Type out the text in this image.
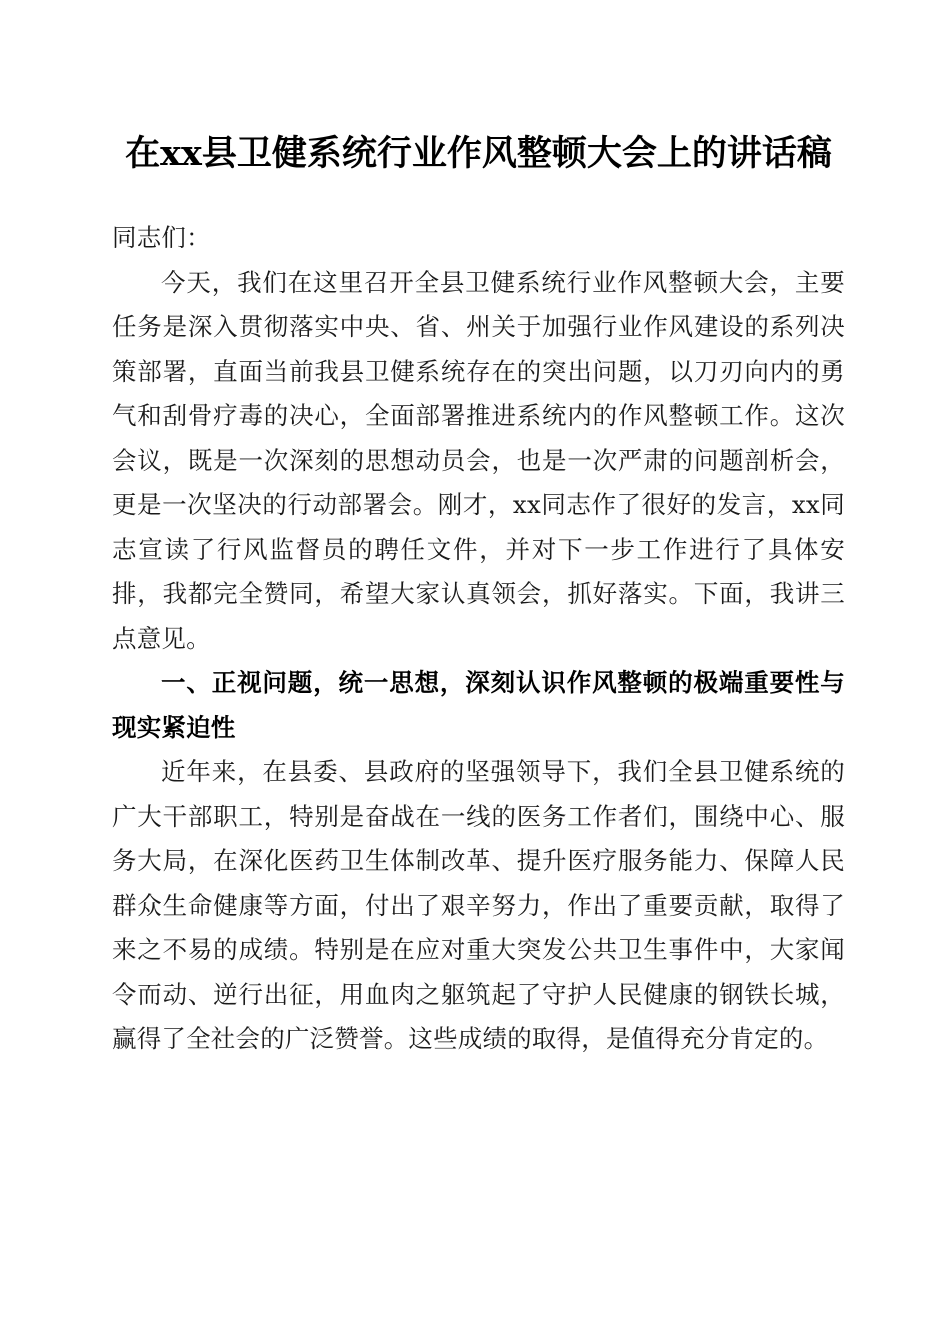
在xx县卫健系统行业作风整顿大会上的讲话稿

同志们：

今天，我们在这里召开全县卫健系统行业作风整顿大会，主要任务是深入贯彻落实中央、省、州关于加强行业作风建设的系列决策部署，直面当前我县卫健系统存在的突出问题，以刀刃向内的勇气和刮骨疗毒的决心，全面部署推进系统内的作风整顿工作。这次会议，既是一次深刻的思想动员会，也是一次严肃的问题剖析会，更是一次坚决的行动部署会。刚才，xx同志作了很好的发言，xx同志宣读了行风监督员的聘任文件，并对下一步工作进行了具体安排，我都完全赞同，希望大家认真领会，抓好落实。下面，我讲三点意见。

一、正视问题，统一思想，深刻认识作风整顿的极端重要性与现实紧迫性

近年来，在县委、县政府的坚强领导下，我们全县卫健系统的广大干部职工，特别是奋战在一线的医务工作者们，围绕中心、服务大局，在深化医药卫生体制改革、提升医疗服务能力、保障人民群众生命健康等方面，付出了艰辛努力，作出了重要贡献，取得了来之不易的成绩。特别是在应对重大突发公共卫生事件中，大家闻令而动、逆行出征，用血肉之躯筑起了守护人民健康的钢铁长城，赢得了全社会的广泛赞誉。这些成绩的取得，是值得充分肯定的。
